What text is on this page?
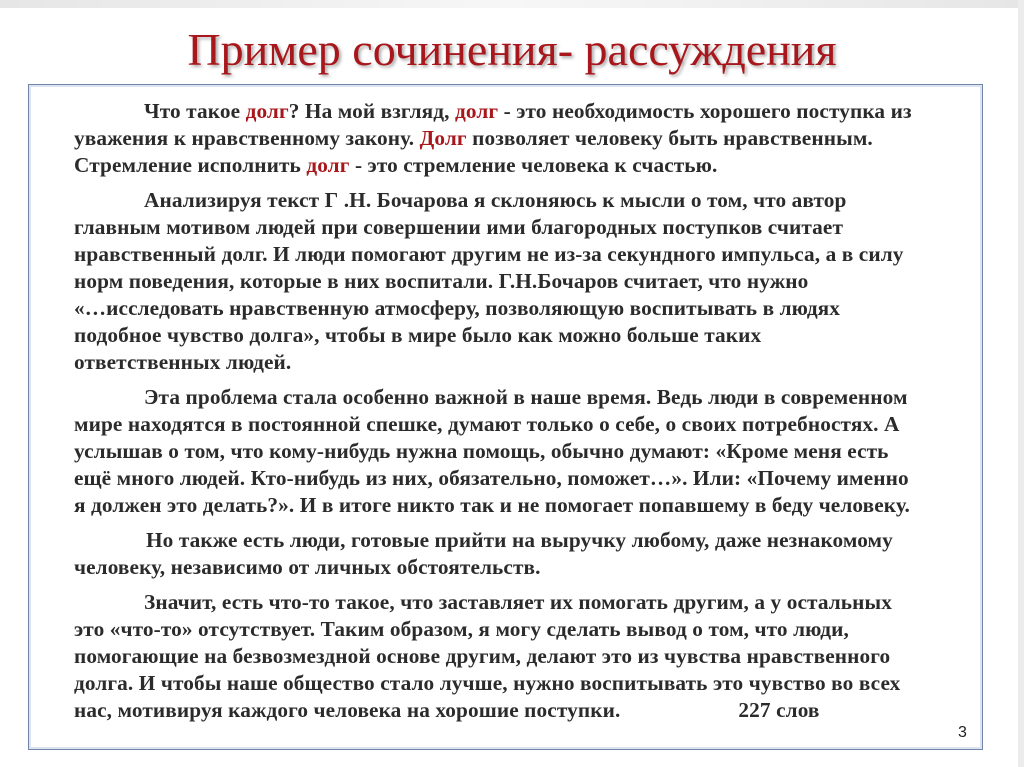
Пример сочинения- рассуждения
Что такое долг? На мой взгляд, долг - это необходимость хорошего поступка из
уважения к нравственному закону. Долг позволяет человеку быть нравственным.
Стремление исполнить долг - это стремление человека к счастью.
Анализируя текст Г .Н. Бочарова я склоняюсь к мысли о том, что автор
главным мотивом людей при совершении ими благородных поступков считает
нравственный долг. И люди помогают другим не из-за секундного импульса, а в силу
норм поведения, которые в них воспитали. Г.Н.Бочаров считает, что нужно
«…исследовать нравственную атмосферу, позволяющую воспитывать в людях
подобное чувство долга», чтобы в мире было как можно больше таких
ответственных людей.
Эта проблема стала особенно важной в наше время. Ведь люди в современном
мире находятся в постоянной спешке, думают только о себе, о своих потребностях. А
услышав о том, что кому-нибудь нужна помощь, обычно думают: «Кроме меня есть
ещё много людей. Кто-нибудь из них, обязательно, поможет…». Или: «Почему именно
я должен это делать?». И в итоге никто так и не помогает попавшему в беду человеку.
Но также есть люди, готовые прийти на выручку любому, даже незнакомому
человеку, независимо от личных обстоятельств.
Значит, есть что-то такое, что заставляет их помогать другим, а у остальных
это «что-то» отсутствует. Таким образом, я могу сделать вывод о том, что люди,
помогающие на безвозмездной основе другим, делают это из чувства нравственного
долга. И чтобы наше общество стало лучше, нужно воспитывать это чувство во всех
нас, мотивируя каждого человека на хорошие поступки.	227 слов
3
